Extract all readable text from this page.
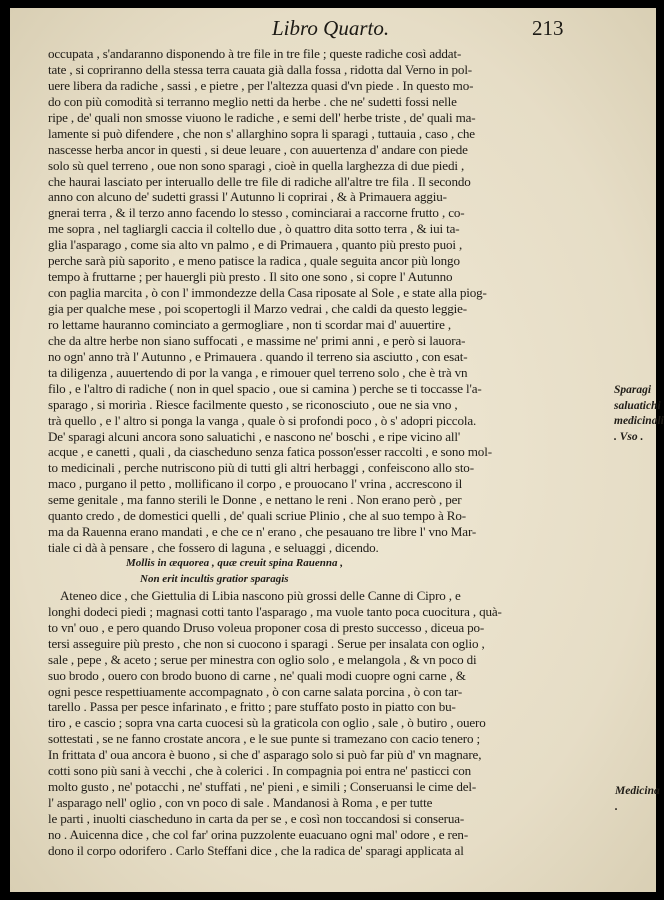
Libro Quarto.	213
occupata , s'andaranno disponendo à tre file in tre file ; queste radiche così addat-
tate , si copriranno della stessa terra cauata già dalla fossa , ridotta dal Verno in pol-
uere libera da radiche , sassi , e pietre , per l'altezza quasi d'vn piede . In questo mo-
do con più comodità si terranno meglio netti da herbe . che ne' sudetti fossi nelle
ripe , de' quali non smosse viuono le radiche , e semi dell' herbe triste , de' quali ma-
lamente si può difendere , che non s' allarghino sopra li sparagi , tuttauia , caso , che
nascesse herba ancor in questi , si deue leuare , con auuertenza d' andare con piede
solo sù quel terreno , oue non sono sparagi , cioè in quella larghezza di due piedi ,
che haurai lasciato per interuallo delle tre file di radiche all'altre tre fila . Il secondo
anno con alcuno de' sudetti grassi l' Autunno li coprirai , & à Primauera aggiu-
gnerai terra , & il terzo anno facendo lo stesso , cominciarai a raccorne frutto , co-
me sopra , nel tagliargli caccia il coltello due , ò quattro dita sotto terra , & iui ta-
glia l'asparago , come sia alto vn palmo , e di Primauera , quanto più presto puoi ,
perche sarà più saporito , e meno patisce la radica , quale seguita ancor più longo
tempo à fruttarne ; per hauergli più presto . Il sito one sono , si copre l' Autunno
con paglia marcita , ò con l' immondezze della Casa riposate al Sole , e state alla piog-
gia per qualche mese , poi scopertogli il Marzo vedrai , che caldi da questo leggie-
ro lettame hauranno cominciato a germogliare , non ti scordar mai d' auuertire ,
che da altre herbe non siano suffocati , e massime ne' primi anni , e però si lauora-
no ogn' anno trà l' Autunno , e Primauera . quando il terreno sia asciutto , con esat-
ta diligenza , auuertendo di por la vanga , e rimouer quel terreno solo , che è trà vn
filo , e l'altro di radiche ( non in quel spacio , oue si camina ) perche se ti toccasse l'a-
sparago , si morirìa . Riesce facilmente questo , se riconosciuto , oue ne sia vno ,
trà quello , e l' altro si ponga la vanga , quale ò si profondi poco , ò s' adopri piccola.
De' sparagi alcuni ancora sono saluatichi , e nascono ne' boschi , e ripe vicino all'
acque , e canetti , quali , da ciascheduno senza fatica posson'esser raccolti , e sono mol-
to medicinali , perche nutriscono più di tutti gli altri herbaggi , confeiscono allo sto-
maco , purgano il petto , mollificano il corpo , e prouocano l' vrina , accrescono il
seme genitale , ma fanno sterili le Donne , e nettano le reni . Non erano però , per
quanto credo , de domestici quelli , de' quali scriue Plinio , che al suo tempo à Ro-
ma da Rauenna erano mandati , e che ce n' erano , che pesauano tre libre l' vno Mar-
tiale ci dà à pensare , che fossero di laguna , e seluaggi , dicendo.
Mollis in æquorea , quæ creuit spina Rauenna ,
Non erit incultis gratior sparagis
Ateneo dice , che Giettulia di Libia nascono più grossi delle Canne di Cipro , e
longhi dodeci piedi ; magnasi cotti tanto l'asparago , ma vuole tanto poca cuocitura , quà-
to vn' ouo , e pero quando Druso voleua proponer cosa di presto successo , diceua po-
tersi asseguire più presto , che non si cuocono i sparagi . Serue per insalata con oglio ,
sale , pepe , & aceto ; serue per minestra con oglio solo , e melangola , & vn poco di
suo brodo , ouero con brodo buono di carne , ne' quali modi cuopre ogni carne , &
ogni pesce respettiuamente accompagnato , ò con carne salata porcina , ò con tar-
tarello . Passa per pesce infarinato , e fritto ; pare stuffato posto in piatto con bu-
tiro , e cascio ; sopra vna carta cuocesi sù la graticola con oglio , sale , ò butiro , ouero
sottestati , se ne fanno crostate ancora , e le sue punte si tramezano con cacio tenero ;
In frittata d' oua ancora è buono , si che d' asparago solo si può far più d' vn magnare,
cotti sono più sani à vecchi , che à colerici . In compagnia poi entra ne' pasticci con
molto gusto , ne' potacchi , ne' stuffati , ne' pieni , e simili ; Conseruansi le cime del-
l' asparago nell' oglio , con vn poco di sale . Mandanosi à Roma , e per tutte
le parti , inuolti ciascheduno in carta da per se , e così non toccandosi si conserua-
no . Auicenna dice , che col far' orina puzzolente euacuano ogni mal' odore , e ren-
dono il corpo odorifero . Carlo Steffani dice , che la radica de' sparagi applicata al
Sparagi saluatichi medicinali . Vso .
Medicina .
